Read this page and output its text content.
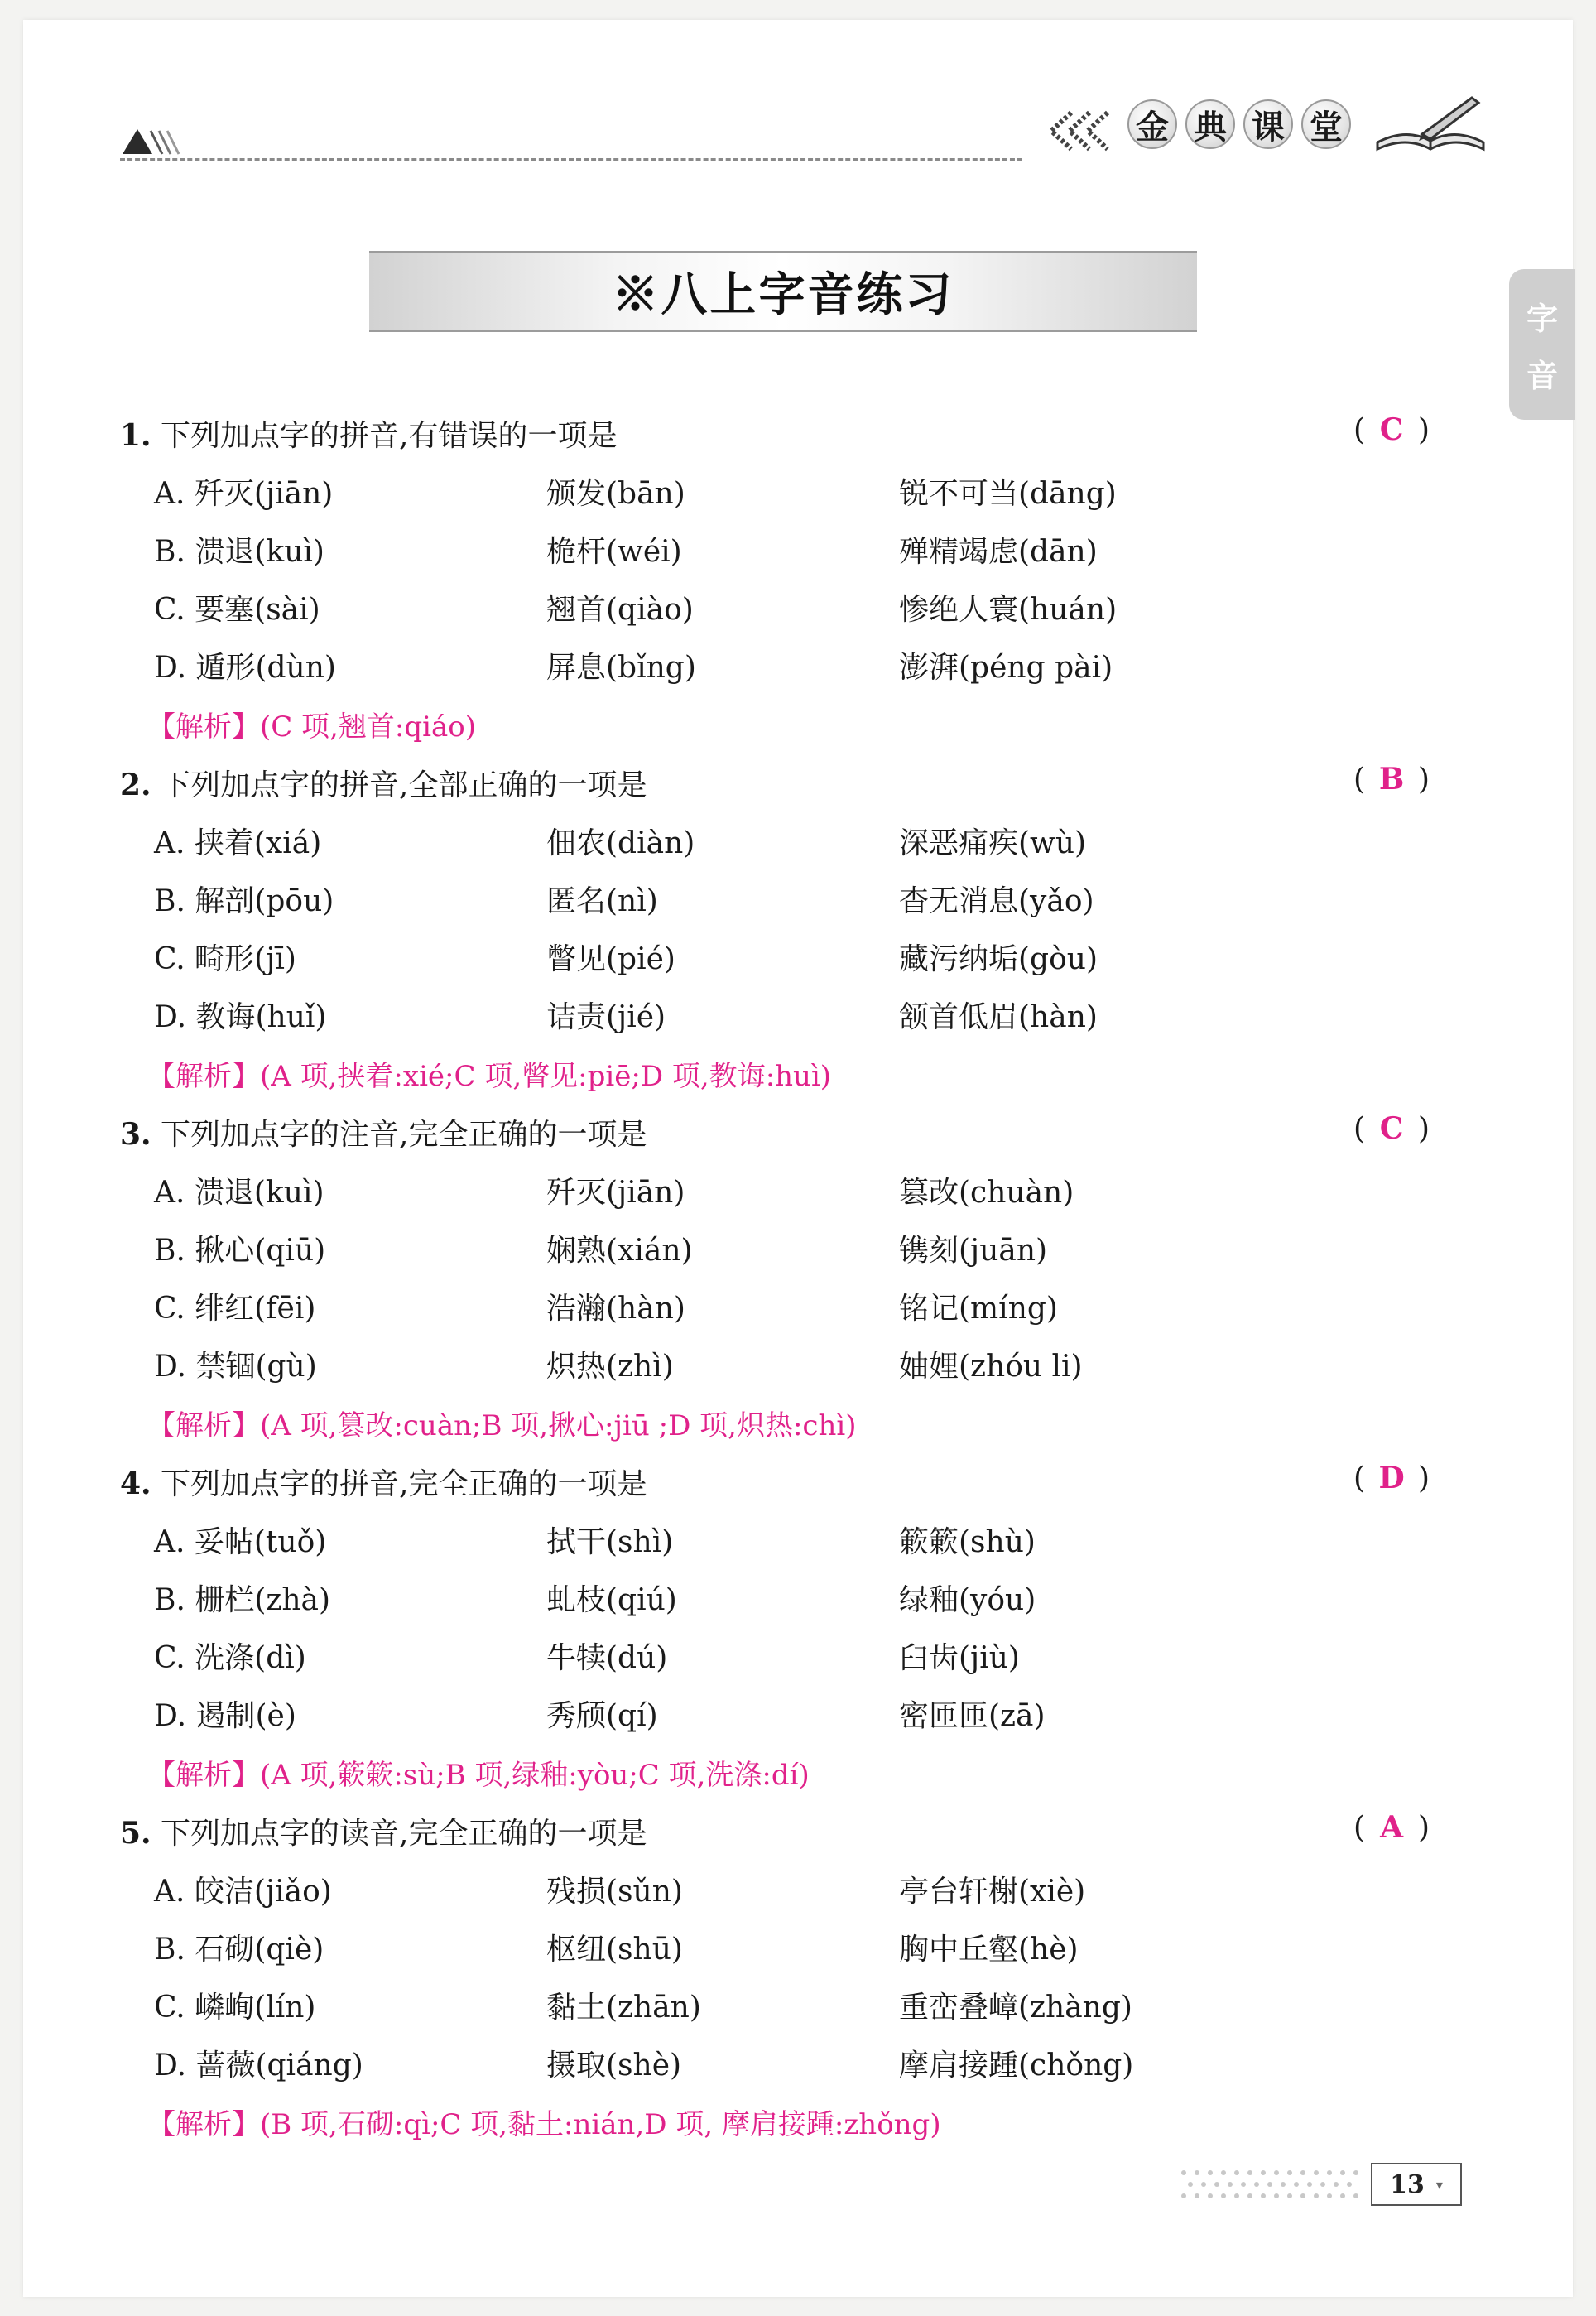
金 典 课 堂
字
音
※八上字音练习
1. 下列加点字的拼音,有错误的一项是	( C )
A. 歼灭(jiān)	颁发(bān)	锐不可当(dāng)
B. 溃退(kuì)	桅杆(wéi)	殚精竭虑(dān)
C. 要塞(sài)	翘首(qiào)	惨绝人寰(huán)
D. 遁形(dùn)	屏息(bǐng)	澎湃(péng pài)
【解析】(C 项,翘首:qiáo)
2. 下列加点字的拼音,全部正确的一项是	( B )
A. 挟着(xiá)	佃农(diàn)	深恶痛疾(wù)
B. 解剖(pōu)	匿名(nì)	杳无消息(yǎo)
C. 畸形(jī)	瞥见(pié)	藏污纳垢(gòu)
D. 教诲(huǐ)	诘责(jié)	颔首低眉(hàn)
【解析】(A 项,挟着:xié;C 项,瞥见:piē;D 项,教诲:huì)
3. 下列加点字的注音,完全正确的一项是	( C )
A. 溃退(kuì)	歼灭(jiān)	篡改(chuàn)
B. 揪心(qiū)	娴熟(xián)	镌刻(juān)
C. 绯红(fēi)	浩瀚(hàn)	铭记(míng)
D. 禁锢(gù)	炽热(zhì)	妯娌(zhóu li)
【解析】(A 项,篡改:cuàn;B 项,揪心:jiū ;D 项,炽热:chì)
4. 下列加点字的拼音,完全正确的一项是	( D )
A. 妥帖(tuǒ)	拭干(shì)	簌簌(shù)
B. 栅栏(zhà)	虬枝(qiú)	绿釉(yóu)
C. 洗涤(dì)	牛犊(dú)	臼齿(jiù)
D. 遏制(è)	秀颀(qí)	密匝匝(zā)
【解析】(A 项,簌簌:sù;B 项,绿釉:yòu;C 项,洗涤:dí)
5. 下列加点字的读音,完全正确的一项是	( A )
A. 皎洁(jiǎo)	残损(sǔn)	亭台轩榭(xiè)
B. 石砌(qiè)	枢纽(shū)	胸中丘壑(hè)
C. 嶙峋(lín)	黏土(zhān)	重峦叠嶂(zhàng)
D. 蔷薇(qiáng)	摄取(shè)	摩肩接踵(chǒng)
【解析】(B 项,石砌:qì;C 项,黏土:nián,D 项, 摩肩接踵:zhǒng)
13 ▾
